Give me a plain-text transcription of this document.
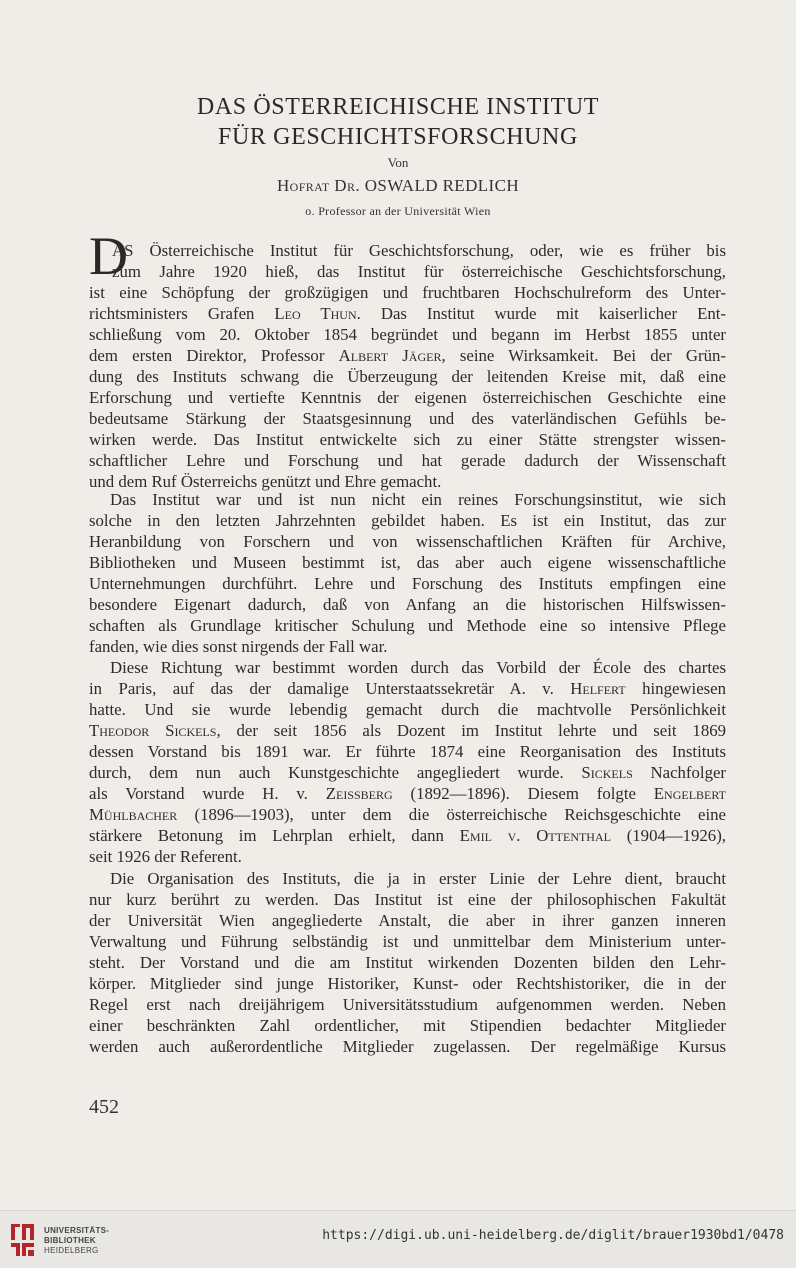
DAS ÖSTERREICHISCHE INSTITUT
FÜR GESCHICHTSFORSCHUNG
Von
Hofrat Dr. OSWALD REDLICH
o. Professor an der Universität Wien
D
AS Österreichische Institut für Geschichtsforschung, oder, wie es früher bis
zum Jahre 1920 hieß, das Institut für österreichische Geschichtsforschung,
ist eine Schöpfung der großzügigen und fruchtbaren Hochschulreform des Unter-
richtsministers Grafen Leo Thun. Das Institut wurde mit kaiserlicher Ent-
schließung vom 20. Oktober 1854 begründet und begann im Herbst 1855 unter
dem ersten Direktor, Professor Albert Jäger, seine Wirksamkeit. Bei der Grün-
dung des Instituts schwang die Überzeugung der leitenden Kreise mit, daß eine
Erforschung und vertiefte Kenntnis der eigenen österreichischen Geschichte eine
bedeutsame Stärkung der Staatsgesinnung und des vaterländischen Gefühls be-
wirken werde. Das Institut entwickelte sich zu einer Stätte strengster wissen-
schaftlicher Lehre und Forschung und hat gerade dadurch der Wissenschaft
und dem Ruf Österreichs genützt und Ehre gemacht.
Das Institut war und ist nun nicht ein reines Forschungsinstitut, wie sich
solche in den letzten Jahrzehnten gebildet haben. Es ist ein Institut, das zur
Heranbildung von Forschern und von wissenschaftlichen Kräften für Archive,
Bibliotheken und Museen bestimmt ist, das aber auch eigene wissenschaftliche
Unternehmungen durchführt. Lehre und Forschung des Instituts empfingen eine
besondere Eigenart dadurch, daß von Anfang an die historischen Hilfswissen-
schaften als Grundlage kritischer Schulung und Methode eine so intensive Pflege
fanden, wie dies sonst nirgends der Fall war.
Diese Richtung war bestimmt worden durch das Vorbild der École des chartes
in Paris, auf das der damalige Unterstaatssekretär A. v. Helfert hingewiesen
hatte. Und sie wurde lebendig gemacht durch die machtvolle Persönlichkeit
Theodor Sickels, der seit 1856 als Dozent im Institut lehrte und seit 1869
dessen Vorstand bis 1891 war. Er führte 1874 eine Reorganisation des Instituts
durch, dem nun auch Kunstgeschichte angegliedert wurde. Sickels Nachfolger
als Vorstand wurde H. v. Zeissberg (1892—1896). Diesem folgte Engelbert
Mühlbacher (1896—1903), unter dem die österreichische Reichsgeschichte eine
stärkere Betonung im Lehrplan erhielt, dann Emil v. Ottenthal (1904—1926),
seit 1926 der Referent.
Die Organisation des Instituts, die ja in erster Linie der Lehre dient, braucht
nur kurz berührt zu werden. Das Institut ist eine der philosophischen Fakultät
der Universität Wien angegliederte Anstalt, die aber in ihrer ganzen inneren
Verwaltung und Führung selbständig ist und unmittelbar dem Ministerium unter-
steht. Der Vorstand und die am Institut wirkenden Dozenten bilden den Lehr-
körper. Mitglieder sind junge Historiker, Kunst- oder Rechtshistoriker, die in der
Regel erst nach dreijährigem Universitätsstudium aufgenommen werden. Neben
einer beschränkten Zahl ordentlicher, mit Stipendien bedachter Mitglieder
werden auch außerordentliche Mitglieder zugelassen. Der regelmäßige Kursus
452
UNIVERSITÄTS-
BIBLIOTHEK
HEIDELBERG
https://digi.ub.uni-heidelberg.de/diglit/brauer1930bd1/0478
